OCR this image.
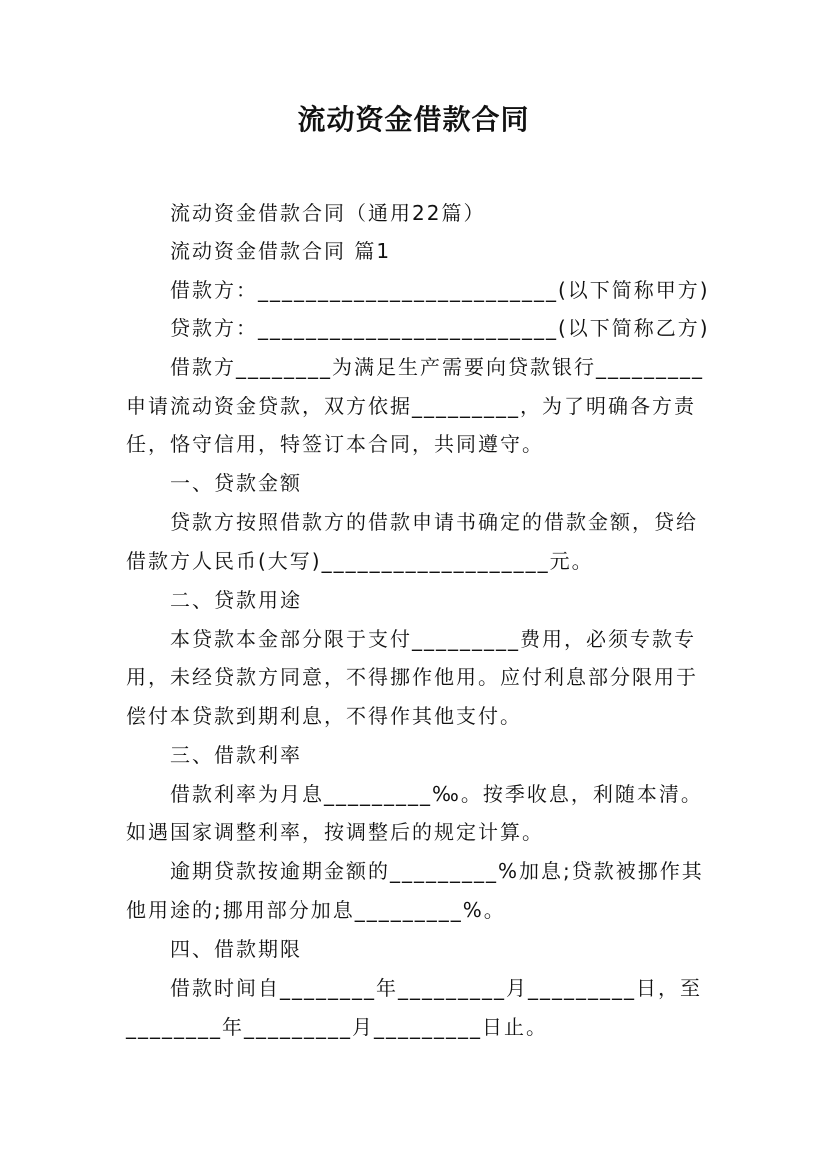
流动资金借款合同
流动资金借款合同（通用22篇）
流动资金借款合同 篇1
借款方：_________________________(以下简称甲方)
贷款方：_________________________(以下简称乙方)
借款方________为满足生产需要向贷款银行_________
申请流动资金贷款，双方依据_________，为了明确各方责
任，恪守信用，特签订本合同，共同遵守。
一、贷款金额
贷款方按照借款方的借款申请书确定的借款金额，贷给
借款方人民币(大写)___________________元。
二、贷款用途
本贷款本金部分限于支付_________费用，必须专款专
用，未经贷款方同意，不得挪作他用。应付利息部分限用于
偿付本贷款到期利息，不得作其他支付。
三、借款利率
借款利率为月息_________‰。按季收息，利随本清。
如遇国家调整利率，按调整后的规定计算。
逾期贷款按逾期金额的_________%加息;贷款被挪作其
他用途的;挪用部分加息_________%。
四、借款期限
借款时间自________年_________月_________日，至
________年_________月_________日止。
